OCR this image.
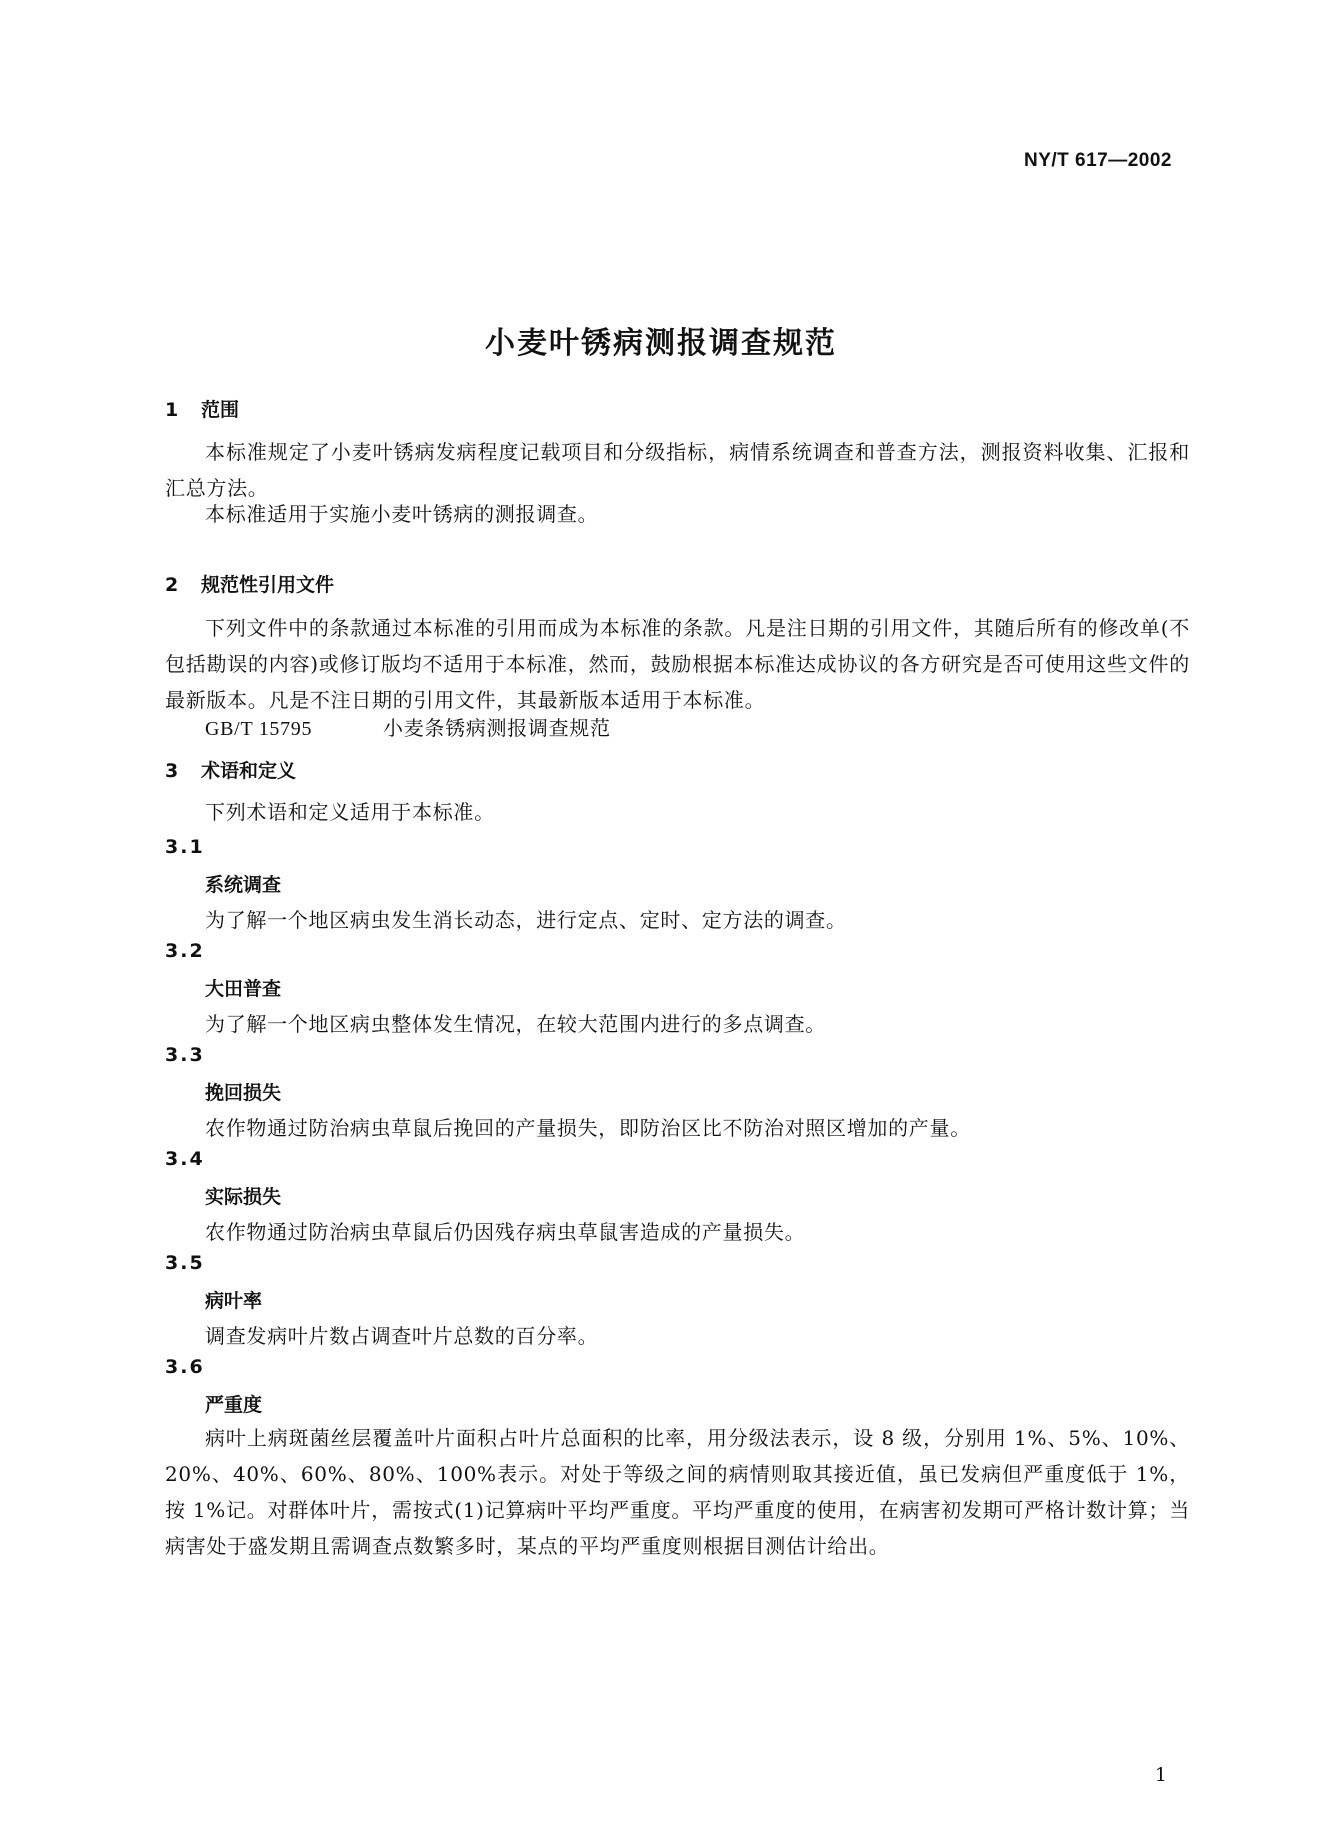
NY/T 617—2002
小麦叶锈病测报调查规范
1 范围
本标准规定了小麦叶锈病发病程度记载项目和分级指标，病情系统调查和普查方法，测报资料收集、汇报和汇总方法。
本标准适用于实施小麦叶锈病的测报调查。
2 规范性引用文件
下列文件中的条款通过本标准的引用而成为本标准的条款。凡是注日期的引用文件，其随后所有的修改单(不包括勘误的内容)或修订版均不适用于本标准，然而，鼓励根据本标准达成协议的各方研究是否可使用这些文件的最新版本。凡是不注日期的引用文件，其最新版本适用于本标准。
GB/T 15795	小麦条锈病测报调查规范
3 术语和定义
下列术语和定义适用于本标准。
3.1
系统调查
为了解一个地区病虫发生消长动态，进行定点、定时、定方法的调查。
3.2
大田普查
为了解一个地区病虫整体发生情况，在较大范围内进行的多点调查。
3.3
挽回损失
农作物通过防治病虫草鼠后挽回的产量损失，即防治区比不防治对照区增加的产量。
3.4
实际损失
农作物通过防治病虫草鼠后仍因残存病虫草鼠害造成的产量损失。
3.5
病叶率
调查发病叶片数占调查叶片总数的百分率。
3.6
严重度
病叶上病斑菌丝层覆盖叶片面积占叶片总面积的比率，用分级法表示，设 8 级，分别用 1%、5%、10%、20%、40%、60%、80%、100%表示。对处于等级之间的病情则取其接近值，虽已发病但严重度低于 1%，按 1%记。对群体叶片，需按式(1)记算病叶平均严重度。平均严重度的使用，在病害初发期可严格计数计算；当病害处于盛发期且需调查点数繁多时，某点的平均严重度则根据目测估计给出。
1
